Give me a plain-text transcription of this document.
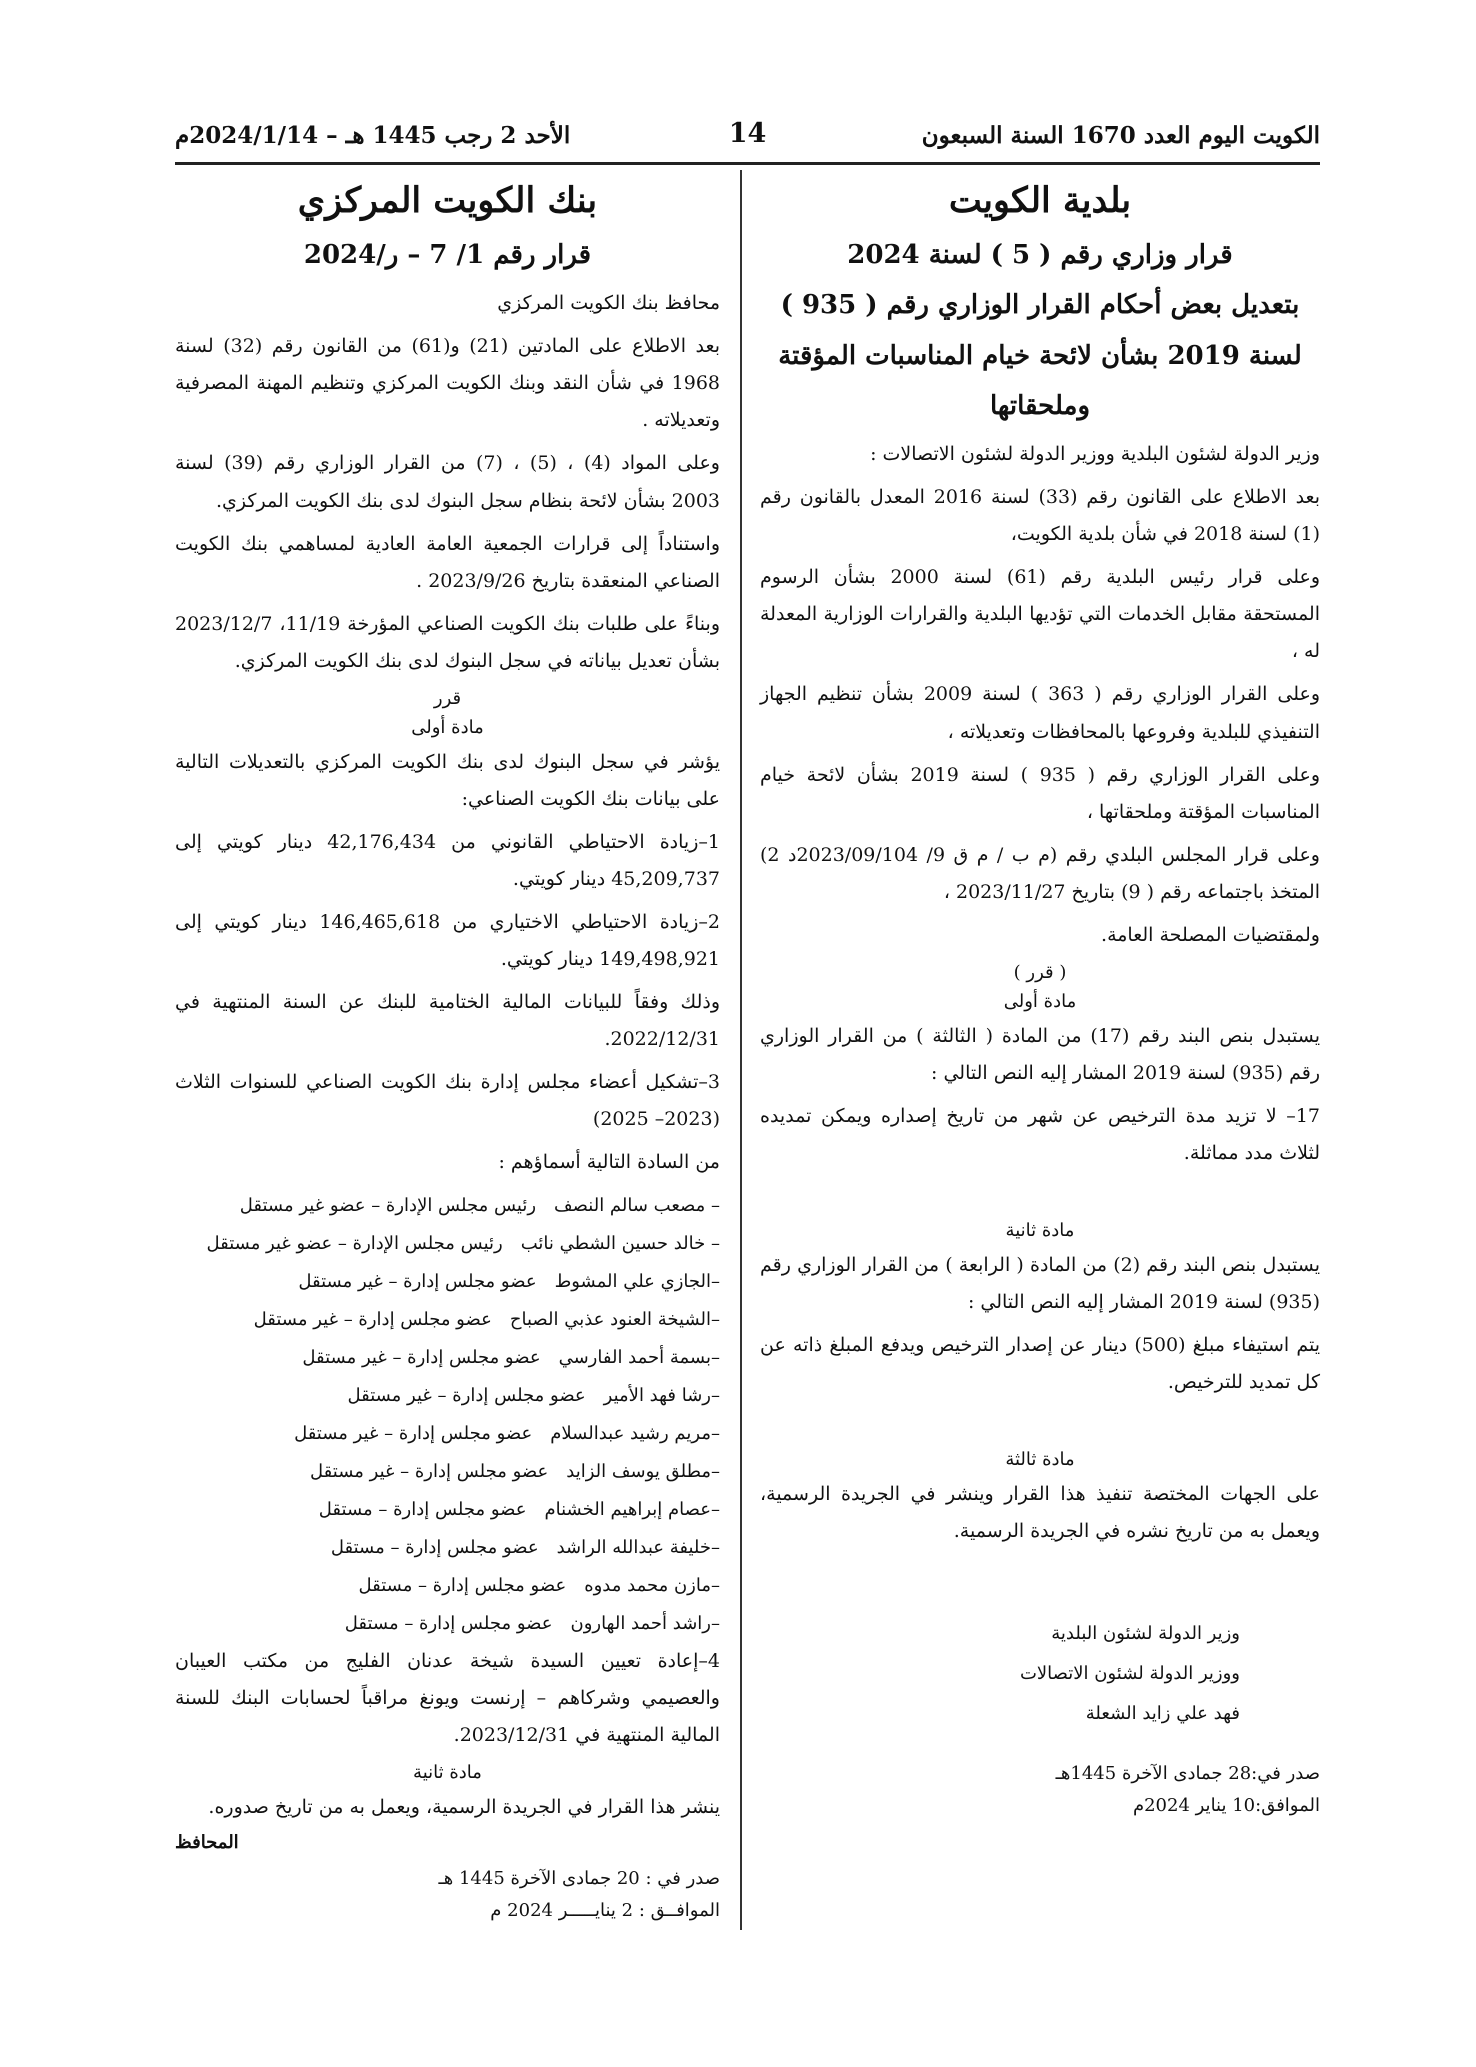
الكويت اليوم العدد 1670 السنة السبعون
14
الأحد 2 رجب 1445 هـ – 2024/1/14م
بلدية الكويت
قرار وزاري رقم ( 5 ) لسنة 2024
بتعديل بعض أحكام القرار الوزاري رقم ( 935 )
لسنة 2019 بشأن لائحة خيام المناسبات المؤقتة
وملحقاتها

وزير الدولة لشئون البلدية ووزير الدولة لشئون الاتصالات :

بعد الاطلاع على القانون رقم (33) لسنة 2016 المعدل بالقانون رقم (1) لسنة 2018 في شأن بلدية الكويت،

وعلى قرار رئيس البلدية رقم (61) لسنة 2000 بشأن الرسوم المستحقة مقابل الخدمات التي تؤديها البلدية والقرارات الوزارية المعدلة له ،

وعلى القرار الوزاري رقم ( 363 ) لسنة 2009 بشأن تنظيم الجهاز التنفيذي للبلدية وفروعها بالمحافظات وتعديلاته ،

وعلى القرار الوزاري رقم ( 935 ) لسنة 2019 بشأن لائحة خيام المناسبات المؤقتة وملحقاتها ،

وعلى قرار المجلس البلدي رقم (م ب / م ق 9/ 2023/09/104د 2) المتخذ باجتماعه رقم ( 9) بتاريخ 2023/11/27 ،

ولمقتضيات المصلحة العامة.

( قرر )
مادة أولى

يستبدل بنص البند رقم (17) من المادة ( الثالثة ) من القرار الوزاري رقم (935) لسنة 2019 المشار إليه النص التالي :

17– لا تزيد مدة الترخيص عن شهر من تاريخ إصداره ويمكن تمديده لثلاث مدد مماثلة.

مادة ثانية

يستبدل بنص البند رقم (2) من المادة ( الرابعة ) من القرار الوزاري رقم (935) لسنة 2019 المشار إليه النص التالي :

يتم استيفاء مبلغ (500) دينار عن إصدار الترخيص ويدفع المبلغ ذاته عن كل تمديد للترخيص.

مادة ثالثة

على الجهات المختصة تنفيذ هذا القرار وينشر في الجريدة الرسمية، ويعمل به من تاريخ نشره في الجريدة الرسمية.

وزير الدولة لشئون البلدية
ووزير الدولة لشئون الاتصالات
فهد علي زايد الشعلة
صدر في:28 جمادى الآخرة 1445هـ
الموافق:10 يناير 2024م
بنك الكويت المركزي
قرار رقم 1/ 7 – ر/2024

محافظ بنك الكويت المركزي

بعد الاطلاع على المادتين (21) و(61) من القانون رقم (32) لسنة 1968 في شأن النقد وبنك الكويت المركزي وتنظيم المهنة المصرفية وتعديلاته .

وعلى المواد (4) ، (5) ، (7) من القرار الوزاري رقم (39) لسنة 2003 بشأن لائحة بنظام سجل البنوك لدى بنك الكويت المركزي.

واستناداً إلى قرارات الجمعية العامة العادية لمساهمي بنك الكويت الصناعي المنعقدة بتاريخ 2023/9/26 .

وبناءً على طلبات بنك الكويت الصناعي المؤرخة 11/19، 2023/12/7 بشأن تعديل بياناته في سجل البنوك لدى بنك الكويت المركزي.

قرر
مادة أولى

يؤشر في سجل البنوك لدى بنك الكويت المركزي بالتعديلات التالية على بيانات بنك الكويت الصناعي:

1–زيادة الاحتياطي القانوني من 42,176,434 دينار كويتي إلى 45,209,737 دينار كويتي.

2–زيادة الاحتياطي الاختياري من 146,465,618 دينار كويتي إلى 149,498,921 دينار كويتي.

وذلك وفقاً للبيانات المالية الختامية للبنك عن السنة المنتهية في 2022/12/31.

3–تشكيل أعضاء مجلس إدارة بنك الكويت الصناعي للسنوات الثلاث (2023– 2025)

من السادة التالية أسماؤهم :

– مصعب سالم النصف
رئيس مجلس الإدارة – عضو غير مستقل
– خالد حسين الشطي نائب
رئيس مجلس الإدارة – عضو غير مستقل
–الجازي علي المشوط
عضو مجلس إدارة – غير مستقل
–الشيخة العنود عذبي الصباح
عضو مجلس إدارة – غير مستقل
–بسمة أحمد الفارسي
عضو مجلس إدارة – غير مستقل
–رشا فهد الأمير
عضو مجلس إدارة – غير مستقل
–مريم رشيد عبدالسلام
عضو مجلس إدارة – غير مستقل
–مطلق يوسف الزايد
عضو مجلس إدارة – غير مستقل
–عصام إبراهيم الخشنام
عضو مجلس إدارة – مستقل
–خليفة عبدالله الراشد
عضو مجلس إدارة – مستقل
–مازن محمد مدوه
عضو مجلس إدارة – مستقل
–راشد أحمد الهارون
عضو مجلس إدارة – مستقل

4–إعادة تعيين السيدة شيخة عدنان الفليج من مكتب العيبان والعصيمي وشركاهم – إرنست ويونغ مراقباً لحسابات البنك للسنة المالية المنتهية في 2023/12/31.

مادة ثانية

ينشر هذا القرار في الجريدة الرسمية، ويعمل به من تاريخ صدوره.

المحافظ
صدر في : 20 جمادى الآخرة 1445 هـ
الموافــق : 2 ينايـــــر 2024 م
